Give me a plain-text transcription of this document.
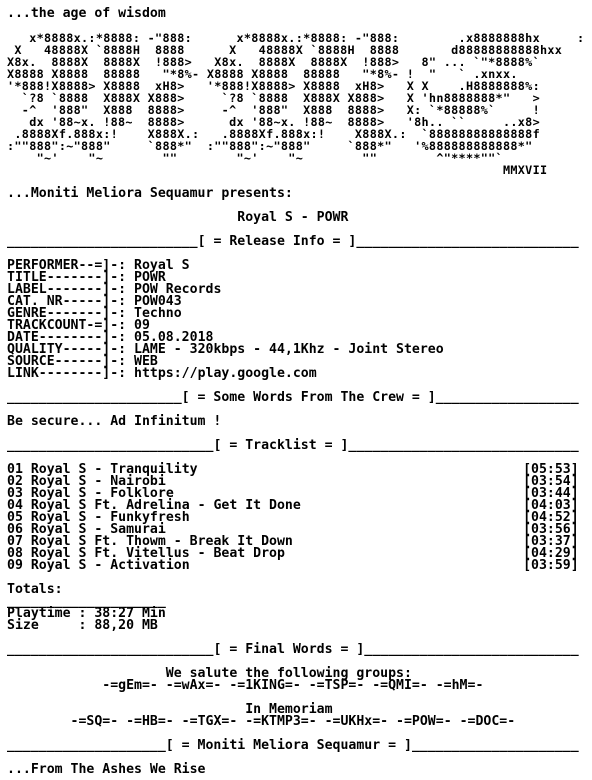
...the age of wisdom

x*8888x.:*8888: -"888:      x*8888x.:*8888: -"888:        .x8888888hx     :
X   48888X `8888H  8888      X   48888X `8888H  8888       d88888888888hxx
X8x.  8888X  8888X  !888>   X8x.  8888X  8888X  !888>   8" ... `"*8888%`
X8888 X8888  88888   "*8%- X8888 X8888  88888   "*8%- !  "   ` .xnxx.
'*888!X8888> X8888  xH8>   '*888!X8888> X8888  xH8>   X X    .H8888888%:
`?8 `8888  X888X X888>     `?8 `8888  X888X X888>   X 'hn8888888*"   >
-^  '888"  X888  8888>     -^  '888"  X888  8888>   X: `*88888%`     !
dx '88~x. !88~  8888>      dx '88~x. !88~  8888>   '8h.. ``     ..x8>
.8888Xf.888x:!    X888X.:   .8888Xf.888x:!    X888X.:  `88888888888888f
:""888":~"888"     `888*"  :""888":~"888"     `888*"   '%888888888888*"
"~'    "~        ""        "~'    "~        ""        ^"****""`
MMXVII
...Moniti Meliora Sequamur presents:
Royal S - POWR
________________________[ = Release Info = ]____________________________
PERFORMER--=]-: Royal S
TITLE-------]-: POWR
LABEL-------]-: POW Records
CAT. NR-----]-: POW043
GENRE-------]-: Techno
TRACKCOUNT-=]-: 09
DATE--------]-: 05.08.2018
QUALITY-----]-: LAME - 320kbps - 44,1Khz - Joint Stereo
SOURCE------]-: WEB
LINK--------]-: https://play.google.com
______________________[ = Some Words From The Crew = ]__________________
Be secure... Ad Infinitum !
__________________________[ = Tracklist = ]_____________________________
01 Royal S - Tranquility	[05:53]
02 Royal S - Nairobi	[03:54]
03 Royal S - Folklore	[03:44]
04 Royal S Ft. Adrelina - Get It Done	[04:03]
05 Royal S - Funkyfresh	[04:52]
06 Royal S - Samurai	[03:56]
07 Royal S Ft. Thowm - Break It Down	[03:37]
08 Royal S Ft. Vitellus - Beat Drop	[04:29]
09 Royal S - Activation	[03:59]
Totals:
____________________
Playtime : 38:27 Min
Size     : 88,20 MB
__________________________[ = Final Words = ]___________________________
We salute the following groups:
-=gEm=- -=wAx=- -=1KING=- -=TSP=- -=QMI=- -=hM=-
In Memoriam
-=SQ=- -=HB=- -=TGX=- -=KTMP3=- -=UKHx=- -=POW=- -=DOC=-
____________________[ = Moniti Meliora Sequamur = ]_____________________
...From The Ashes We Rise
